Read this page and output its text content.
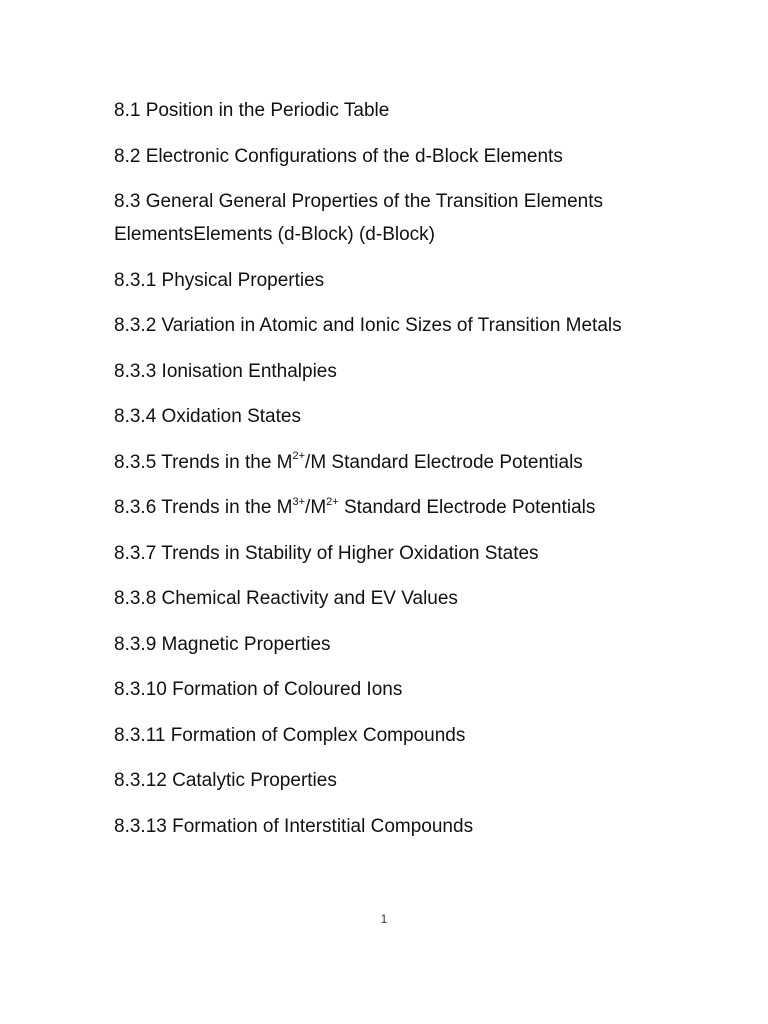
8.1 Position in the Periodic Table
8.2 Electronic Configurations of the d-Block Elements
8.3 General General Properties of the Transition Elements ElementsElements (d-Block) (d-Block)
8.3.1 Physical Properties
8.3.2 Variation in Atomic and Ionic Sizes of Transition Metals
8.3.3 Ionisation Enthalpies
8.3.4 Oxidation States
8.3.5 Trends in the $M^{2+}/M$ Standard Electrode Potentials
8.3.6 Trends in the $M^{3+}/M^{2+}$ Standard Electrode Potentials
8.3.7 Trends in Stability of Higher Oxidation States
8.3.8 Chemical Reactivity and EV Values
8.3.9 Magnetic Properties
8.3.10 Formation of Coloured Ions
8.3.11 Formation of Complex Compounds
8.3.12 Catalytic Properties
8.3.13 Formation of Interstitial Compounds
1
